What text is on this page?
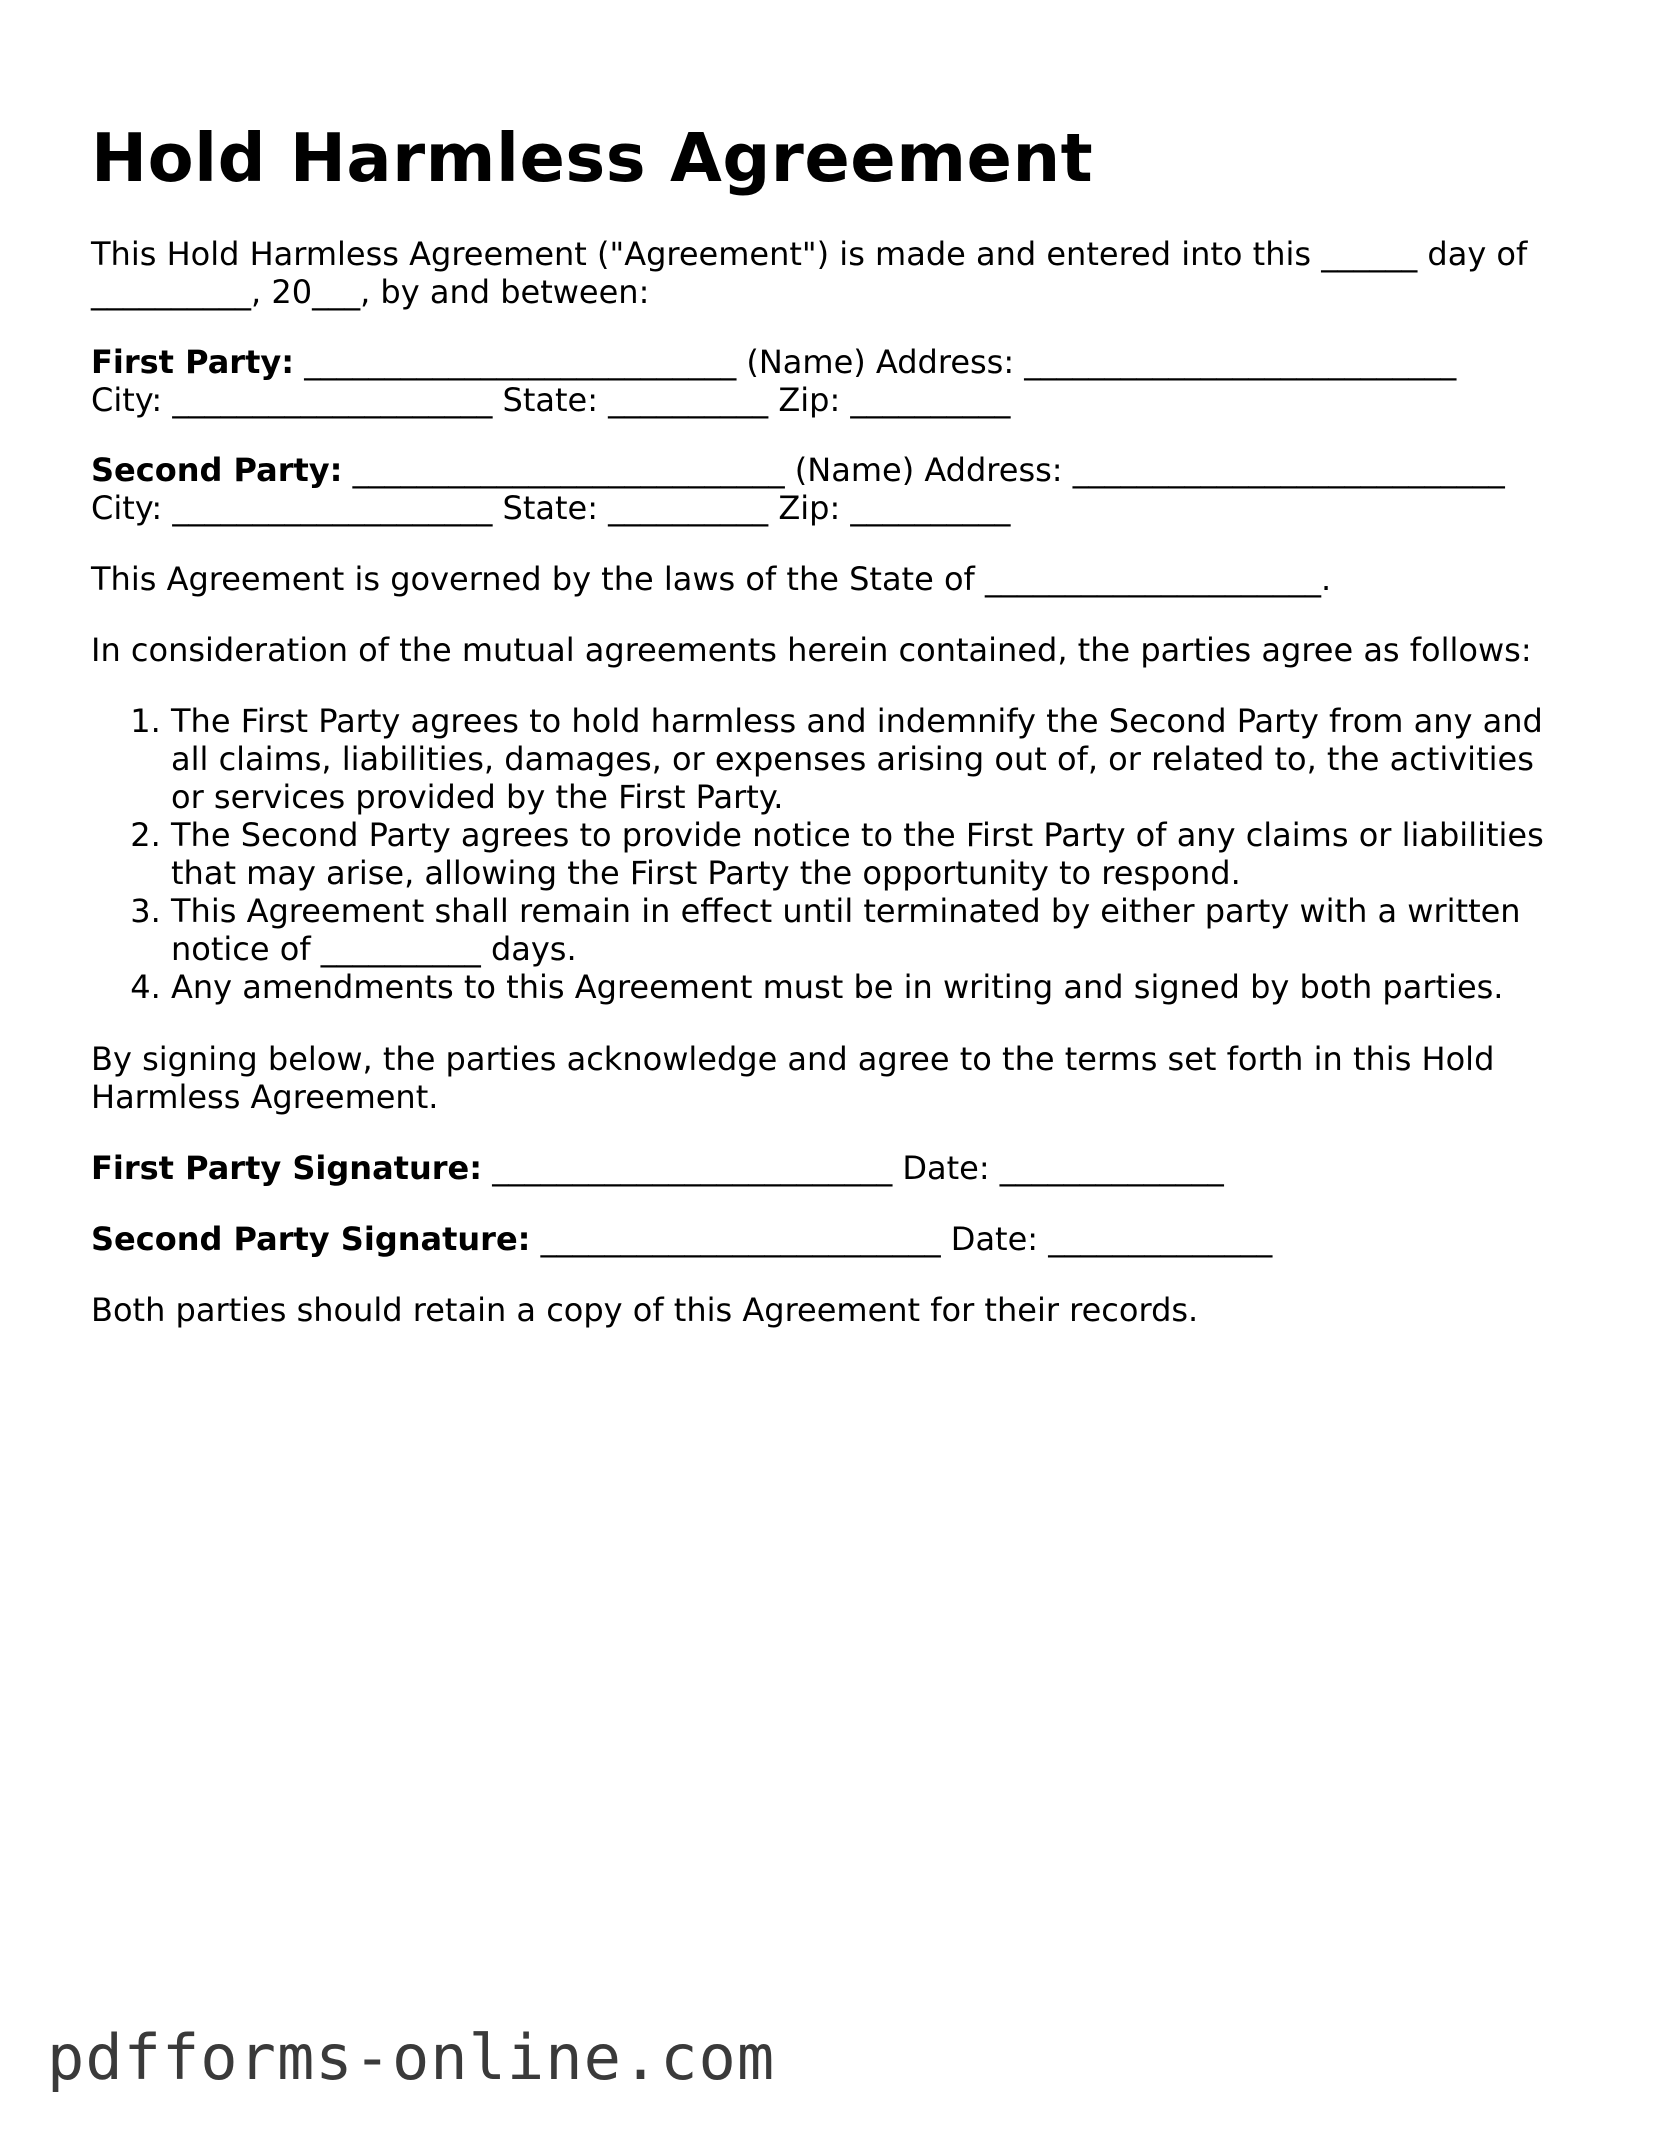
Hold Harmless Agreement

This Hold Harmless Agreement ("Agreement") is made and entered into this ______ day of __________, 20___, by and between:

First Party: ___________________________ (Name) Address: ___________________________
City: ____________________ State: __________ Zip: __________

Second Party: ___________________________ (Name) Address: ___________________________
City: ____________________ State: __________ Zip: __________

This Agreement is governed by the laws of the State of _____________________.

In consideration of the mutual agreements herein contained, the parties agree as follows:

1. The First Party agrees to hold harmless and indemnify the Second Party from any and all claims, liabilities, damages, or expenses arising out of, or related to, the activities or services provided by the First Party.
2. The Second Party agrees to provide notice to the First Party of any claims or liabilities that may arise, allowing the First Party the opportunity to respond.
3. This Agreement shall remain in effect until terminated by either party with a written notice of __________ days.
4. Any amendments to this Agreement must be in writing and signed by both parties.

By signing below, the parties acknowledge and agree to the terms set forth in this Hold Harmless Agreement.

First Party Signature: _________________________ Date: ______________

Second Party Signature: _________________________ Date: ______________

Both parties should retain a copy of this Agreement for their records.

pdfforms-online.com
